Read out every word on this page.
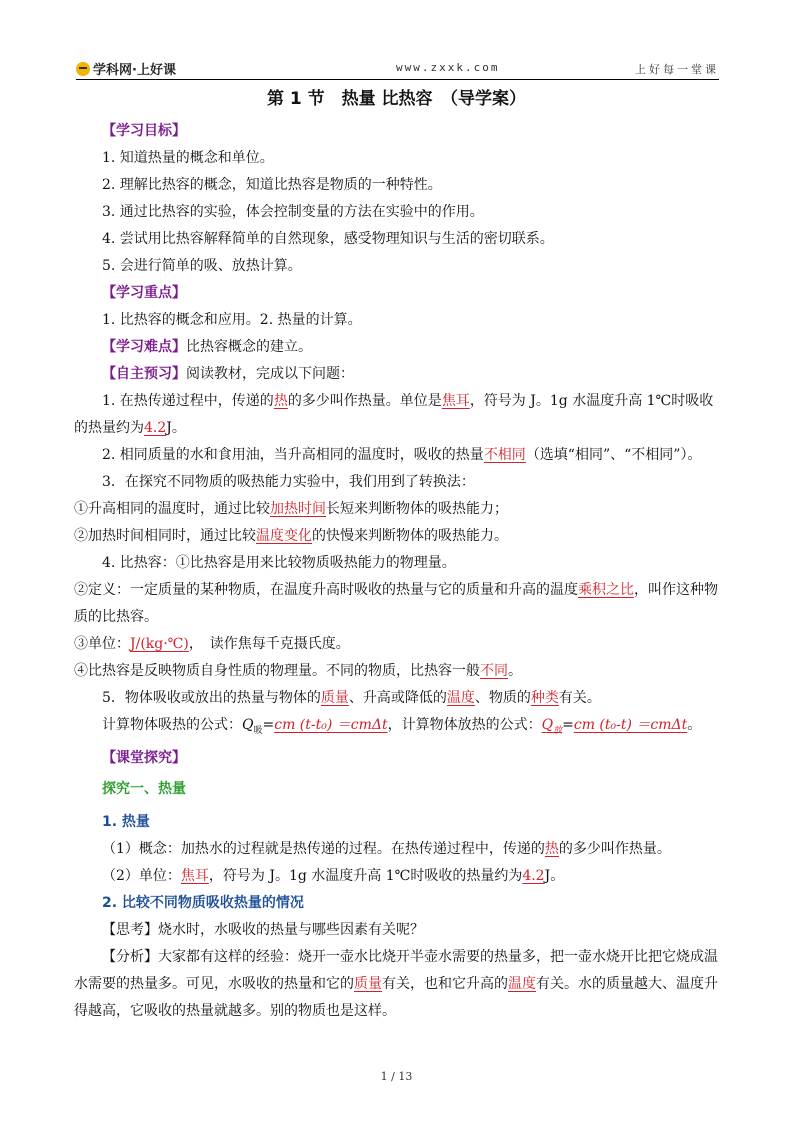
学科网·上好课	www.zxxk.com	上好每一堂课
第 1 节　热量 比热容　（导学案）

【学习目标】

1. 知道热量的概念和单位。

2. 理解比热容的概念，知道比热容是物质的一种特性。

3. 通过比热容的实验，体会控制变量的方法在实验中的作用。

4. 尝试用比热容解释简单的自然现象，感受物理知识与生活的密切联系。

5. 会进行简单的吸、放热计算。

【学习重点】

1. 比热容的概念和应用。2. 热量的计算。

【学习难点】比热容概念的建立。

【自主预习】阅读教材，完成以下问题：

1. 在热传递过程中，传递的热的多少叫作热量。单位是焦耳，符号为 J。1g 水温度升高 1℃时吸收的热量约为4.2J。

2. 相同质量的水和食用油，当升高相同的温度时，吸收的热量不相同（选填“相同”、“不相同”）。

3．在探究不同物质的吸热能力实验中，我们用到了转换法：

①升高相同的温度时，通过比较加热时间长短来判断物体的吸热能力；

②加热时间相同时，通过比较温度变化的快慢来判断物体的吸热能力。

4. 比热容：①比热容是用来比较物质吸热能力的物理量。

②定义：一定质量的某种物质，在温度升高时吸收的热量与它的质量和升高的温度乘积之比，叫作这种物质的比热容。

③单位：J/(kg·℃)，　读作焦每千克摄氏度。

④比热容是反映物质自身性质的物理量。不同的物质，比热容一般不同。

5．物体吸收或放出的热量与物体的质量、升高或降低的温度、物质的种类有关。

计算物体吸热的公式：$Q_吸=cm$ (t-t₀) ＝cmΔt，计算物体放热的公式：$Q_放=cm$ (t₀-t) ＝cmΔt。

【课堂探究】

探究一、热量

1. 热量

（1）概念：加热水的过程就是热传递的过程。在热传递过程中，传递的热的多少叫作热量。

（2）单位：焦耳，符号为 J。1g 水温度升高 1℃时吸收的热量约为4.2J。

2. 比较不同物质吸收热量的情况

【思考】烧水时，水吸收的热量与哪些因素有关呢？

【分析】大家都有这样的经验：烧开一壶水比烧开半壶水需要的热量多，把一壶水烧开比把它烧成温水需要的热量多。可见，水吸收的热量和它的质量有关，也和它升高的温度有关。水的质量越大、温度升得越高，它吸收的热量就越多。别的物质也是这样。

1 / 13
